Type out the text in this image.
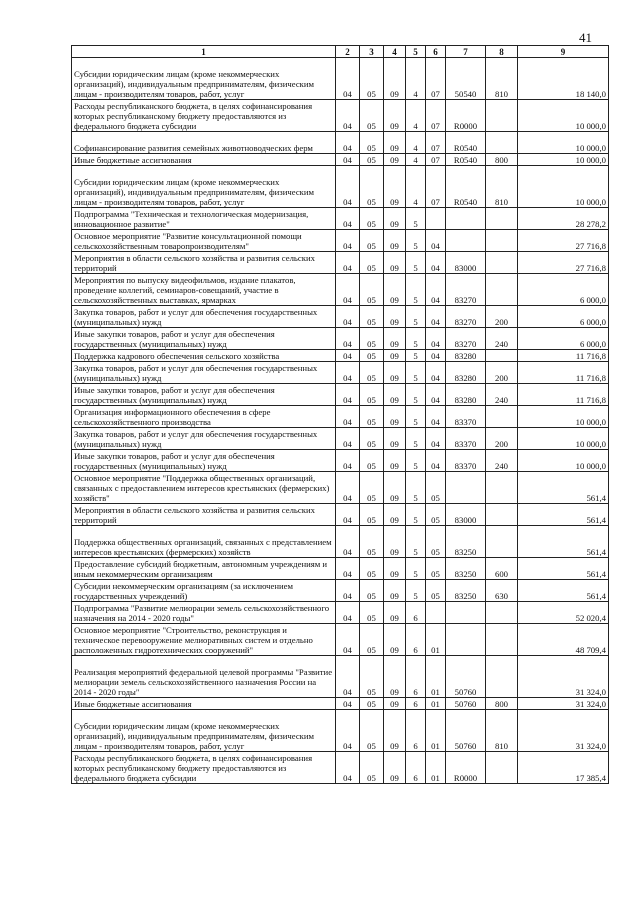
41
1	2	3	4	5	6	7	8	9
Субсидии юридическим лицам (кроме некоммерческих организаций), индивидуальным предпринимателям, физическим лицам - производителям товаров, работ, услуг	04	05	09	4	07	50540	810	18 140,0
Расходы республиканского бюджета, в целях софинансирования которых республиканскому бюджету предоставляются из федерального бюджета субсидии	04	05	09	4	07	R0000		10 000,0
Софинансирование развития семейных животноводческих ферм	04	05	09	4	07	R0540		10 000,0
Иные бюджетные ассигнования	04	05	09	4	07	R0540	800	10 000,0
Субсидии юридическим лицам (кроме некоммерческих организаций), индивидуальным предпринимателям, физическим лицам - производителям товаров, работ, услуг	04	05	09	4	07	R0540	810	10 000,0
Подпрограмма "Техническая и технологическая модернизация, инновационное развитие"	04	05	09	5				28 278,2
Основное мероприятие "Развитие консультационной помощи сельскохозяйственным товаропроизводителям"	04	05	09	5	04			27 716,8
Мероприятия в области сельского хозяйства и развития сельских территорий	04	05	09	5	04	83000		27 716,8
Мероприятия по выпуску видеофильмов, издание плакатов, проведение коллегий, семинаров-совещаний, участие в сельскохозяйственных выставках, ярмарках	04	05	09	5	04	83270		6 000,0
Закупка товаров, работ и услуг для обеспечения государственных (муниципальных) нужд	04	05	09	5	04	83270	200	6 000,0
Иные закупки товаров, работ и услуг для обеспечения государственных (муниципальных) нужд	04	05	09	5	04	83270	240	6 000,0
Поддержка кадрового обеспечения сельского хозяйства	04	05	09	5	04	83280		11 716,8
Закупка товаров, работ и услуг для обеспечения государственных (муниципальных) нужд	04	05	09	5	04	83280	200	11 716,8
Иные закупки товаров, работ и услуг для обеспечения государственных (муниципальных) нужд	04	05	09	5	04	83280	240	11 716,8
Организация информационного обеспечения в сфере сельскохозяйственного производства	04	05	09	5	04	83370		10 000,0
Закупка товаров, работ и услуг для обеспечения государственных (муниципальных) нужд	04	05	09	5	04	83370	200	10 000,0
Иные закупки товаров, работ и услуг для обеспечения государственных (муниципальных) нужд	04	05	09	5	04	83370	240	10 000,0
Основное мероприятие "Поддержка общественных организаций, связанных с предоставлением интересов крестьянских (фермерских) хозяйств"	04	05	09	5	05			561,4
Мероприятия в области сельского хозяйства и развития сельских территорий	04	05	09	5	05	83000		561,4
Поддержка общественных организаций, связанных с представлением интересов крестьянских (фермерских) хозяйств	04	05	09	5	05	83250		561,4
Предоставление субсидий бюджетным, автономным учреждениям и иным некоммерческим организациям	04	05	09	5	05	83250	600	561,4
Субсидии некоммерческим организациям (за исключением государственных учреждений)	04	05	09	5	05	83250	630	561,4
Подпрограмма "Развитие мелиорации земель сельскохозяйственного назначения на 2014 - 2020 годы"	04	05	09	6				52 020,4
Основное мероприятие "Строительство, реконструкция и техническое перевооружение мелиоративных систем и отдельно расположенных гидротехнических сооружений"	04	05	09	6	01			48 709,4
Реализация мероприятий федеральной целевой программы "Развитие мелиорации земель сельскохозяйственного назначения России на 2014 - 2020 годы"	04	05	09	6	01	50760		31 324,0
Иные бюджетные ассигнования	04	05	09	6	01	50760	800	31 324,0
Субсидии юридическим лицам (кроме некоммерческих организаций), индивидуальным предпринимателям, физическим лицам - производителям товаров, работ, услуг	04	05	09	6	01	50760	810	31 324,0
Расходы республиканского бюджета, в целях софинансирования которых республиканскому бюджету предоставляются из федерального бюджета субсидии	04	05	09	6	01	R0000		17 385,4
